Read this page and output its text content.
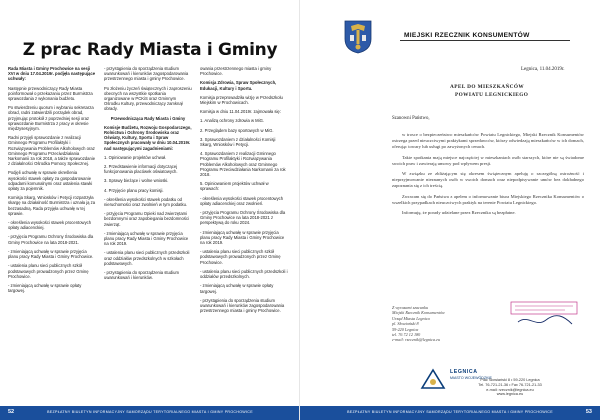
Z prac Rady Miasta i Gminy

Rada Miasta i Gminy Prochowice na sesji XVI w dniu 17.04.2019r. podjęła następujące uchwały:

Następnie przewodniczący Rady Miasta poinformował o przekazaniu przez Burmistrza sprawozdania z wykonania budżetu.

Po stwierdzeniu quorum i wybraniu sekretarza obrad, radni zatwierdzili porządek obrad, przyjmując protokół z poprzedniej sesji oraz sprawozdanie Burmistrza z pracy w okresie międzysesyjnym.

Radni przyjęli sprawozdanie z realizacji Gminnego Programu Profilaktyki i Rozwiązywania Problemów Alkoholowych oraz Gminnego Programu Przeciwdziałania Narkomanii za rok 2018, a także sprawozdanie z działalności Ośrodka Pomocy Społecznej.

Podjęli uchwałę w sprawie określenia wysokości stawek opłaty za gospodarowanie odpadami komunalnymi oraz ustalenia stawki opłaty za pojemnik.

Komisja Skarg, Wniosków i Petycji rozpatrzyła skargę na działalność Burmistrza i uznała ją za bezzasadną. Rada przyjęła uchwałę w tej sprawie.

- określenia wysokości stawek procentowych opłaty adiacenckiej.

- przyjęcia Programu Ochrony Środowiska dla Gminy Prochowice na lata 2018-2021.

- zmieniającą uchwałę w sprawie przyjęcia planu pracy Rady Miasta i Gminy Prochowice.

- ustalenia planu sieci publicznych szkół podstawowych prowadzonych przez Gminę Prochowice.

- zmieniającą uchwałę w sprawie opłaty targowej.

- przystąpienia do sporządzenia studium uwarunkowań i kierunków zagospodarowania przestrzennego miasta i gminy Prochowice.

Po złożeniu życzeń świątecznych i zaproszeniu obecnych na wszystkie spotkania organizowane w PCKiS oraz Gminnym Ośrodku Kultury, przewodniczący zamknął obrady.

Przewodnicząca Rady Miasta i Gminy

Komisje Budżetu, Rozwoju Gospodarczego, Rolnictwa i Ochrony Środowiska oraz Oświaty, Kultury, Sportu i Spraw Społecznych pracowały w dniu 10.04.2019r. nad następującymi zagadnieniami:

1. Opiniowanie projektów uchwał.

2. Przedstawienie informacji dotyczącej funkcjonowania placówek oświatowych.

3. Sprawy bieżące i wolne wnioski.

4. Przyjęcie planu pracy komisji.

- określenia wysokości stawek podatku od nieruchomości oraz zwolnień w tym podatku.

- przyjęcia Programu Opieki nad zwierzętami bezdomnymi oraz zapobiegania bezdomności zwierząt.

- zmieniającą uchwałę w sprawie przyjęcia planu pracy Rady Miasta i Gminy Prochowice na rok 2019.

- ustalenia planu sieci publicznych przedszkoli oraz oddziałów przedszkolnych w szkołach podstawowych.

- przystąpienia do sporządzenia studium uwarunkowań i kierunków.

owania przestrzennego miasta i gminy Prochowice.

Komisja Zdrowia, Spraw Społecznych, Edukacji, Kultury i Sportu.

Komisja przeprowadziła wizję w Przedszkolu Miejskim w Prochowicach.

Komisja w dniu 11.04.2019r. zajmowała się:

1. Analizą ochrony zdrowia w MiG.

2. Przeglądem bazy sportowych w MiG.

3. Sprawozdaniem z działalności Komisji Skarg, Wniosków i Petycji.

4. Sprawozdaniem z realizacji Gminnego Programu Profilaktyki i Rozwiązywania Problemów Alkoholowych oraz Gminnego Programu Przeciwdziałania Narkomanii za rok 2018.

5. Opiniowaniem projektów uchwał w sprawach:

- określenia wysokości stawek procentowych opłaty adiacenckiej oraz zwolnień.

- przyjęcia Programu Ochrony Środowiska dla Gminy Prochowice na lata 2018-2021 z perspektywą do roku 2024.

- zmieniającą uchwałę w sprawie przyjęcia planu pracy Rady Miasta i Gminy Prochowice na rok 2019.

- ustalenia planu sieci publicznych szkół podstawowych prowadzonych przez Gminę Prochowice.

- ustalenia planu sieci publicznych przedszkoli i oddziałów przedszkolnych.

- zmieniającą uchwałę w sprawie opłaty targowej.

- przystąpienia do sporządzenia studium uwarunkowań i kierunków zagospodarowania przestrzennego miasta i gminy Prochowice.

52	BEZPŁATNY BIULETYN INFORMACYJNY SAMORZĄDU TERYTORIALNEGO MIASTA I GMINY PROCHOWICE
MIEJSKI RZECZNIK KONSUMENTÓW
Legnica, 11.04.2019r.
APEL DO MIESZKAŃCÓW
POWIATU LEGNICKIEGO
Szanowni Państwo,

w trosce o bezpieczeństwo mieszkańców Powiatu Legnickiego, Miejski Rzecznik Konsumentów ostrzega przed nieuczciwymi praktykami sprzedawców, którzy odwiedzają mieszkańców w ich domach, oferując towary lub usługi po zawyżonych cenach.

Takie spotkania mają miejsce najczęściej w mieszkaniach osób starszych, które nie są świadome swoich praw i zawierają umowy pod wpływem presji.

W związku ze zbliżającym się okresem świątecznym apeluję o szczególną ostrożność i nieprzyjmowanie nieznanych osób w swoich domach oraz niepodpisywanie umów bez dokładnego zapoznania się z ich treścią.

Zwracam się do Państwa z apelem o informowanie biura Miejskiego Rzecznika Konsumentów o wszelkich przypadkach nieuczciwych praktyk na terenie Powiatu Legnickiego.

Informuję, że porady udzielane przez Rzecznika są bezpłatne.

Z wyrazami szacunku
Miejski Rzecznik Konsumentów
Urząd Miasta Legnica
pl. Słowiański 8
59-220 Legnica
tel. 76 72 12 180
e-mail: rzecznik@legnica.eu
LEGNICA
MIASTO WOJEWÓDZKIE
Plac Słowiański 8 • 59-220 Legnica
Tel. 76-721-21-36 • Fax 76-721-21-33
e-mail: rzecznik@legnica.eu
www.legnica.eu
BEZPŁATNY BIULETYN INFORMACYJNY SAMORZĄDU TERYTORIALNEGO MIASTA I GMINY PROCHOWICE	53
